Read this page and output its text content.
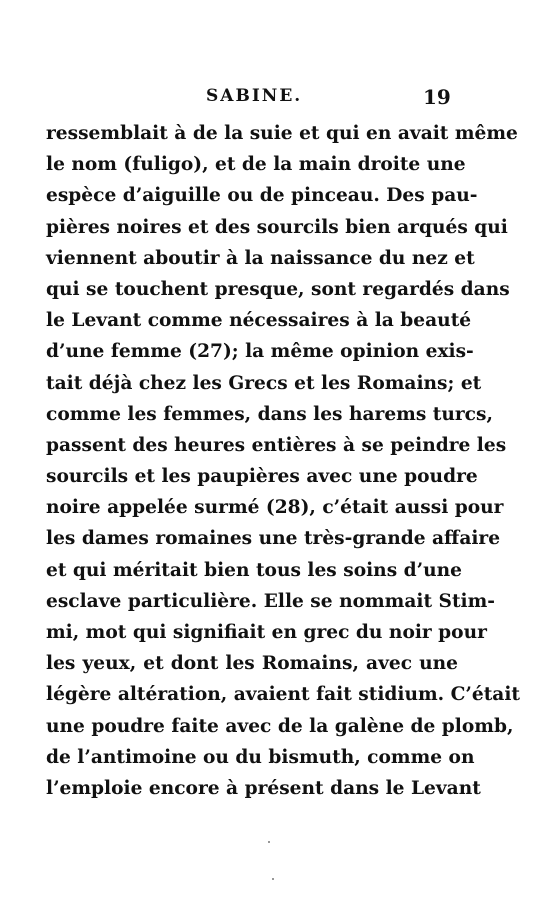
SABINE.	19
ressemblait à de la suie et qui en avait même
le nom (fuligo), et de la main droite une
espèce d’aiguille ou de pinceau. Des pau-
pières noires et des sourcils bien arqués qui
viennent aboutir à la naissance du nez et
qui se touchent presque, sont regardés dans
le Levant comme nécessaires à la beauté
d’une femme (27); la même opinion exis-
tait déjà chez les Grecs et les Romains; et
comme les femmes, dans les harems turcs,
passent des heures entières à se peindre les
sourcils et les paupières avec une poudre
noire appelée surmé (28), c’était aussi pour
les dames romaines une très-grande affaire
et qui méritait bien tous les soins d’une
esclave particulière. Elle se nommait Stim-
mi, mot qui signifiait en grec du noir pour
les yeux, et dont les Romains, avec une
légère altération, avaient fait stidium. C’était
une poudre faite avec de la galène de plomb,
de l’antimoine ou du bismuth, comme on
l’emploie encore à présent dans le Levant
